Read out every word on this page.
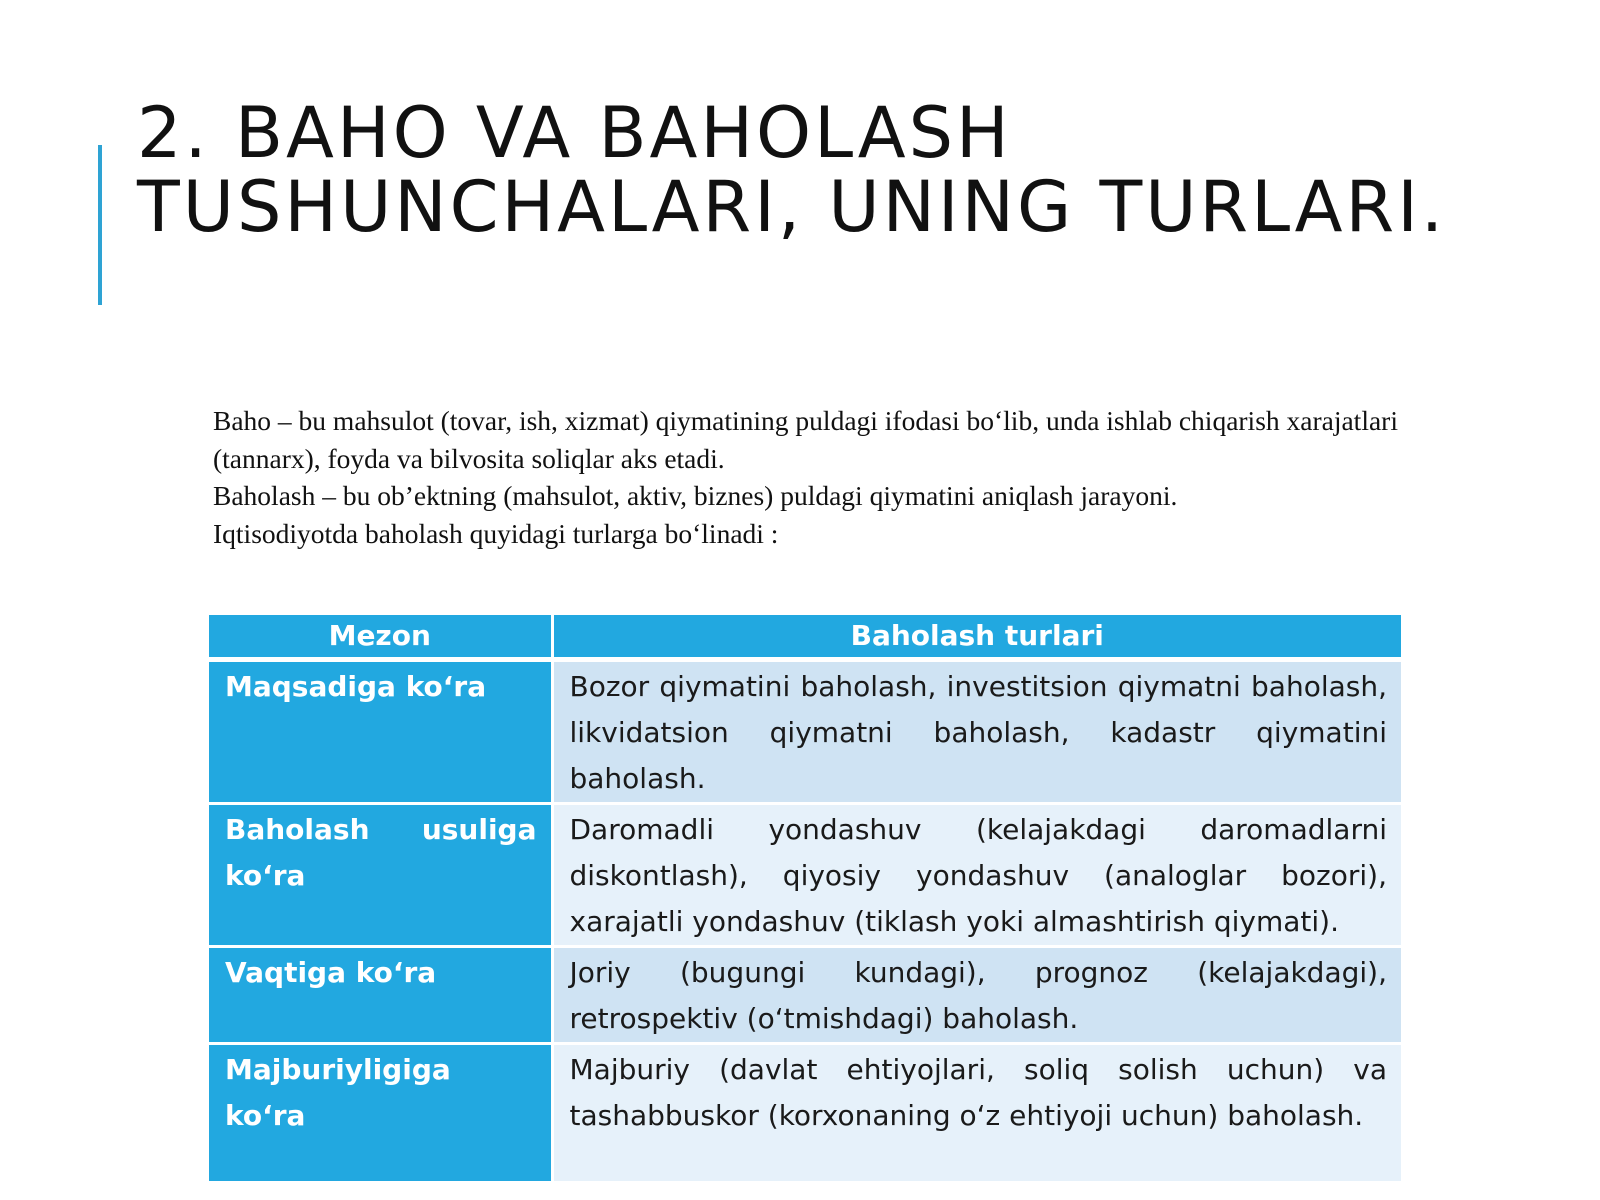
2. BAHO VA BAHOLASH
TUSHUNCHALARI, UNING TURLARI.

Baho – bu mahsulot (tovar, ish, xizmat) qiymatining puldagi ifodasi bo‘lib, unda ishlab chiqarish xarajatlari (tannarx), foyda va bilvosita soliqlar aks etadi.

Baholash – bu ob’ektning (mahsulot, aktiv, biznes) puldagi qiymatini aniqlash jarayoni.

Iqtisodiyotda baholash quyidagi turlarga bo‘linadi :

Mezon	Baholash turlari
Maqsadiga ko‘ra	Bozor qiymatini baholash, investitsion qiymatni baholash, likvidatsion qiymatni baholash, kadastr qiymatini baholash.
Baholash usuliga ko‘ra	Daromadli yondashuv (kelajakdagi daromadlarni diskontlash), qiyosiy yondashuv (analoglar bozori), xarajatli yondashuv (tiklash yoki almashtirish qiymati).
Vaqtiga ko‘ra	Joriy (bugungi kundagi), prognoz (kelajakdagi), retrospektiv (o‘tmishdagi) baholash.
Majburiyligiga ko‘ra	Majburiy (davlat ehtiyojlari, soliq solish uchun) va tashabbuskor (korxonaning o‘z ehtiyoji uchun) baholash.
